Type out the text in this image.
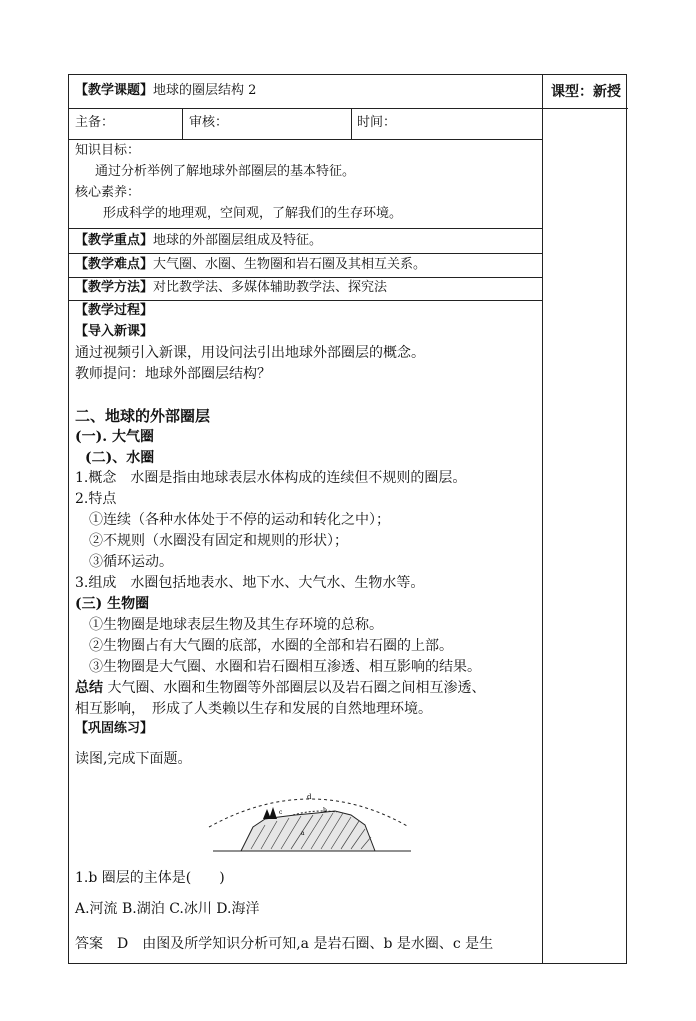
【教学课题】地球的圈层结构 2	课型：新授
主备：	审核：	时间：
知识目标：
通过分析举例了解地球外部圈层的基本特征。
核心素养：
形成科学的地理观，空间观，了解我们的生存环境。
【教学重点】地球的外部圈层组成及特征。
【教学难点】大气圈、水圈、生物圈和岩石圈及其相互关系。
【教学方法】对比教学法、多媒体辅助教学法、探究法
【教学过程】
【导入新课】
通过视频引入新课，用设问法引出地球外部圈层的概念。
教师提问：地球外部圈层结构？
二、地球的外部圈层
(一). 大气圈
(二)、水圈
1.概念　水圈是指由地球表层水体构成的连续但不规则的圈层。
2.特点
①连续（各种水体处于不停的运动和转化之中）；
②不规则（水圈没有固定和规则的形状）；
③循环运动。
3.组成　水圈包括地表水、地下水、大气水、生物水等。
(三) 生物圈
①生物圈是地球表层生物及其生存环境的总称。
②生物圈占有大气圈的底部，水圈的全部和岩石圈的上部。
③生物圈是大气圈、水圈和岩石圈相互渗透、相互影响的结果。
总结 大气圈、水圈和生物圈等外部圈层以及岩石圈之间相互渗透、
相互影响，　形成了人类赖以生存和发展的自然地理环境。
【巩固练习】
读图,完成下面题。
d
c	b
a
1.b 圈层的主体是(　　)
A.河流 B.湖泊 C.冰川 D.海洋
答案　D　由图及所学知识分析可知,a 是岩石圈、b 是水圈、c 是生
